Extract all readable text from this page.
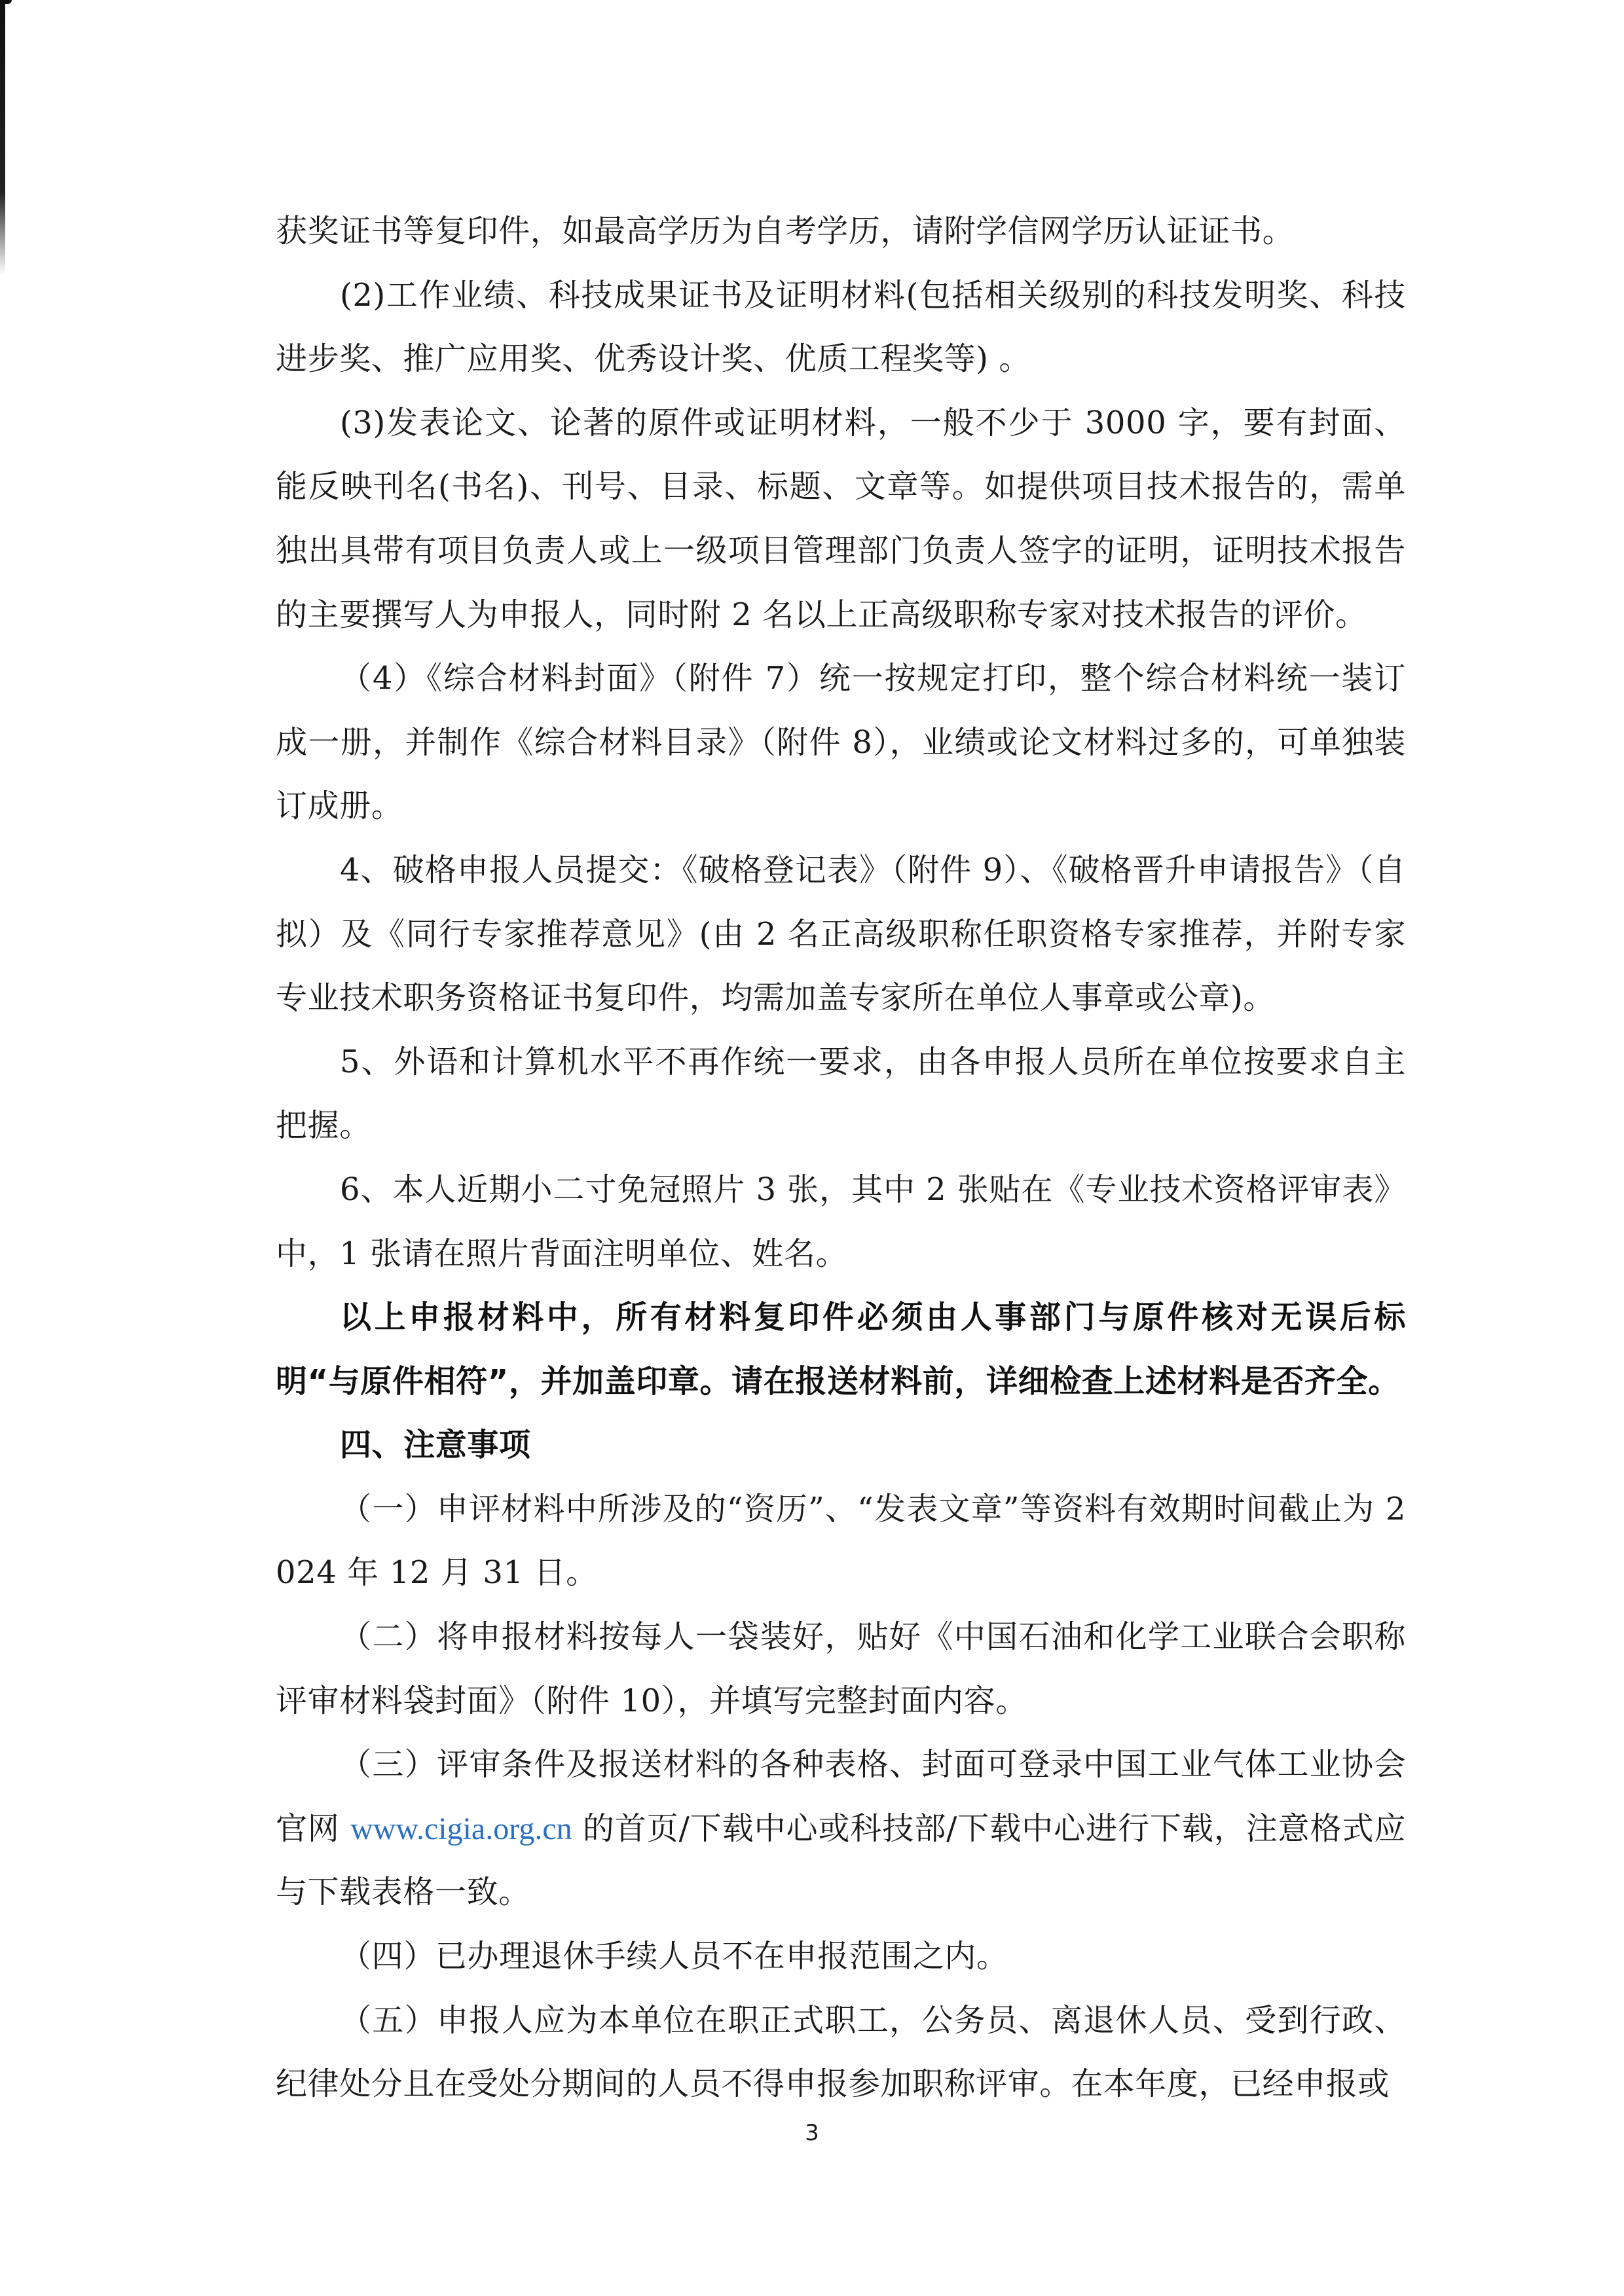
获奖证书等复印件，如最高学历为自考学历，请附学信网学历认证证书。

(2)工作业绩、科技成果证书及证明材料(包括相关级别的科技发明奖、科技进步奖、推广应用奖、优秀设计奖、优质工程奖等) 。

(3)发表论文、论著的原件或证明材料，一般不少于 3000 字，要有封面、能反映刊名(书名)、刊号、目录、标题、文章等。如提供项目技术报告的，需单独出具带有项目负责人或上一级项目管理部门负责人签字的证明，证明技术报告的主要撰写人为申报人，同时附 2 名以上正高级职称专家对技术报告的评价。

（4）《综合材料封面》（附件 7）统一按规定打印，整个综合材料统一装订成一册，并制作《综合材料目录》（附件 8），业绩或论文材料过多的，可单独装订成册。

4、破格申报人员提交：《破格登记表》（附件 9）、《破格晋升申请报告》（自拟）及《同行专家推荐意见》(由 2 名正高级职称任职资格专家推荐，并附专家专业技术职务资格证书复印件，均需加盖专家所在单位人事章或公章)。

5、外语和计算机水平不再作统一要求，由各申报人员所在单位按要求自主把握。

6、本人近期小二寸免冠照片 3 张，其中 2 张贴在《专业技术资格评审表》中，1 张请在照片背面注明单位、姓名。

以上申报材料中，所有材料复印件必须由人事部门与原件核对无误后标明“与原件相符”，并加盖印章。请在报送材料前，详细检查上述材料是否齐全。

四、注意事项

（一）申评材料中所涉及的“资历”、“发表文章”等资料有效期时间截止为 2024 年 12 月 31 日。

（二）将申报材料按每人一袋装好，贴好《中国石油和化学工业联合会职称评审材料袋封面》（附件 10），并填写完整封面内容。

（三）评审条件及报送材料的各种表格、封面可登录中国工业气体工业协会官网 www.cigia.org.cn 的首页/下载中心或科技部/下载中心进行下载，注意格式应与下载表格一致。

（四）已办理退休手续人员不在申报范围之内。

（五）申报人应为本单位在职正式职工，公务员、离退休人员、受到行政、纪律处分且在受处分期间的人员不得申报参加职称评审。在本年度，已经申报或

3
